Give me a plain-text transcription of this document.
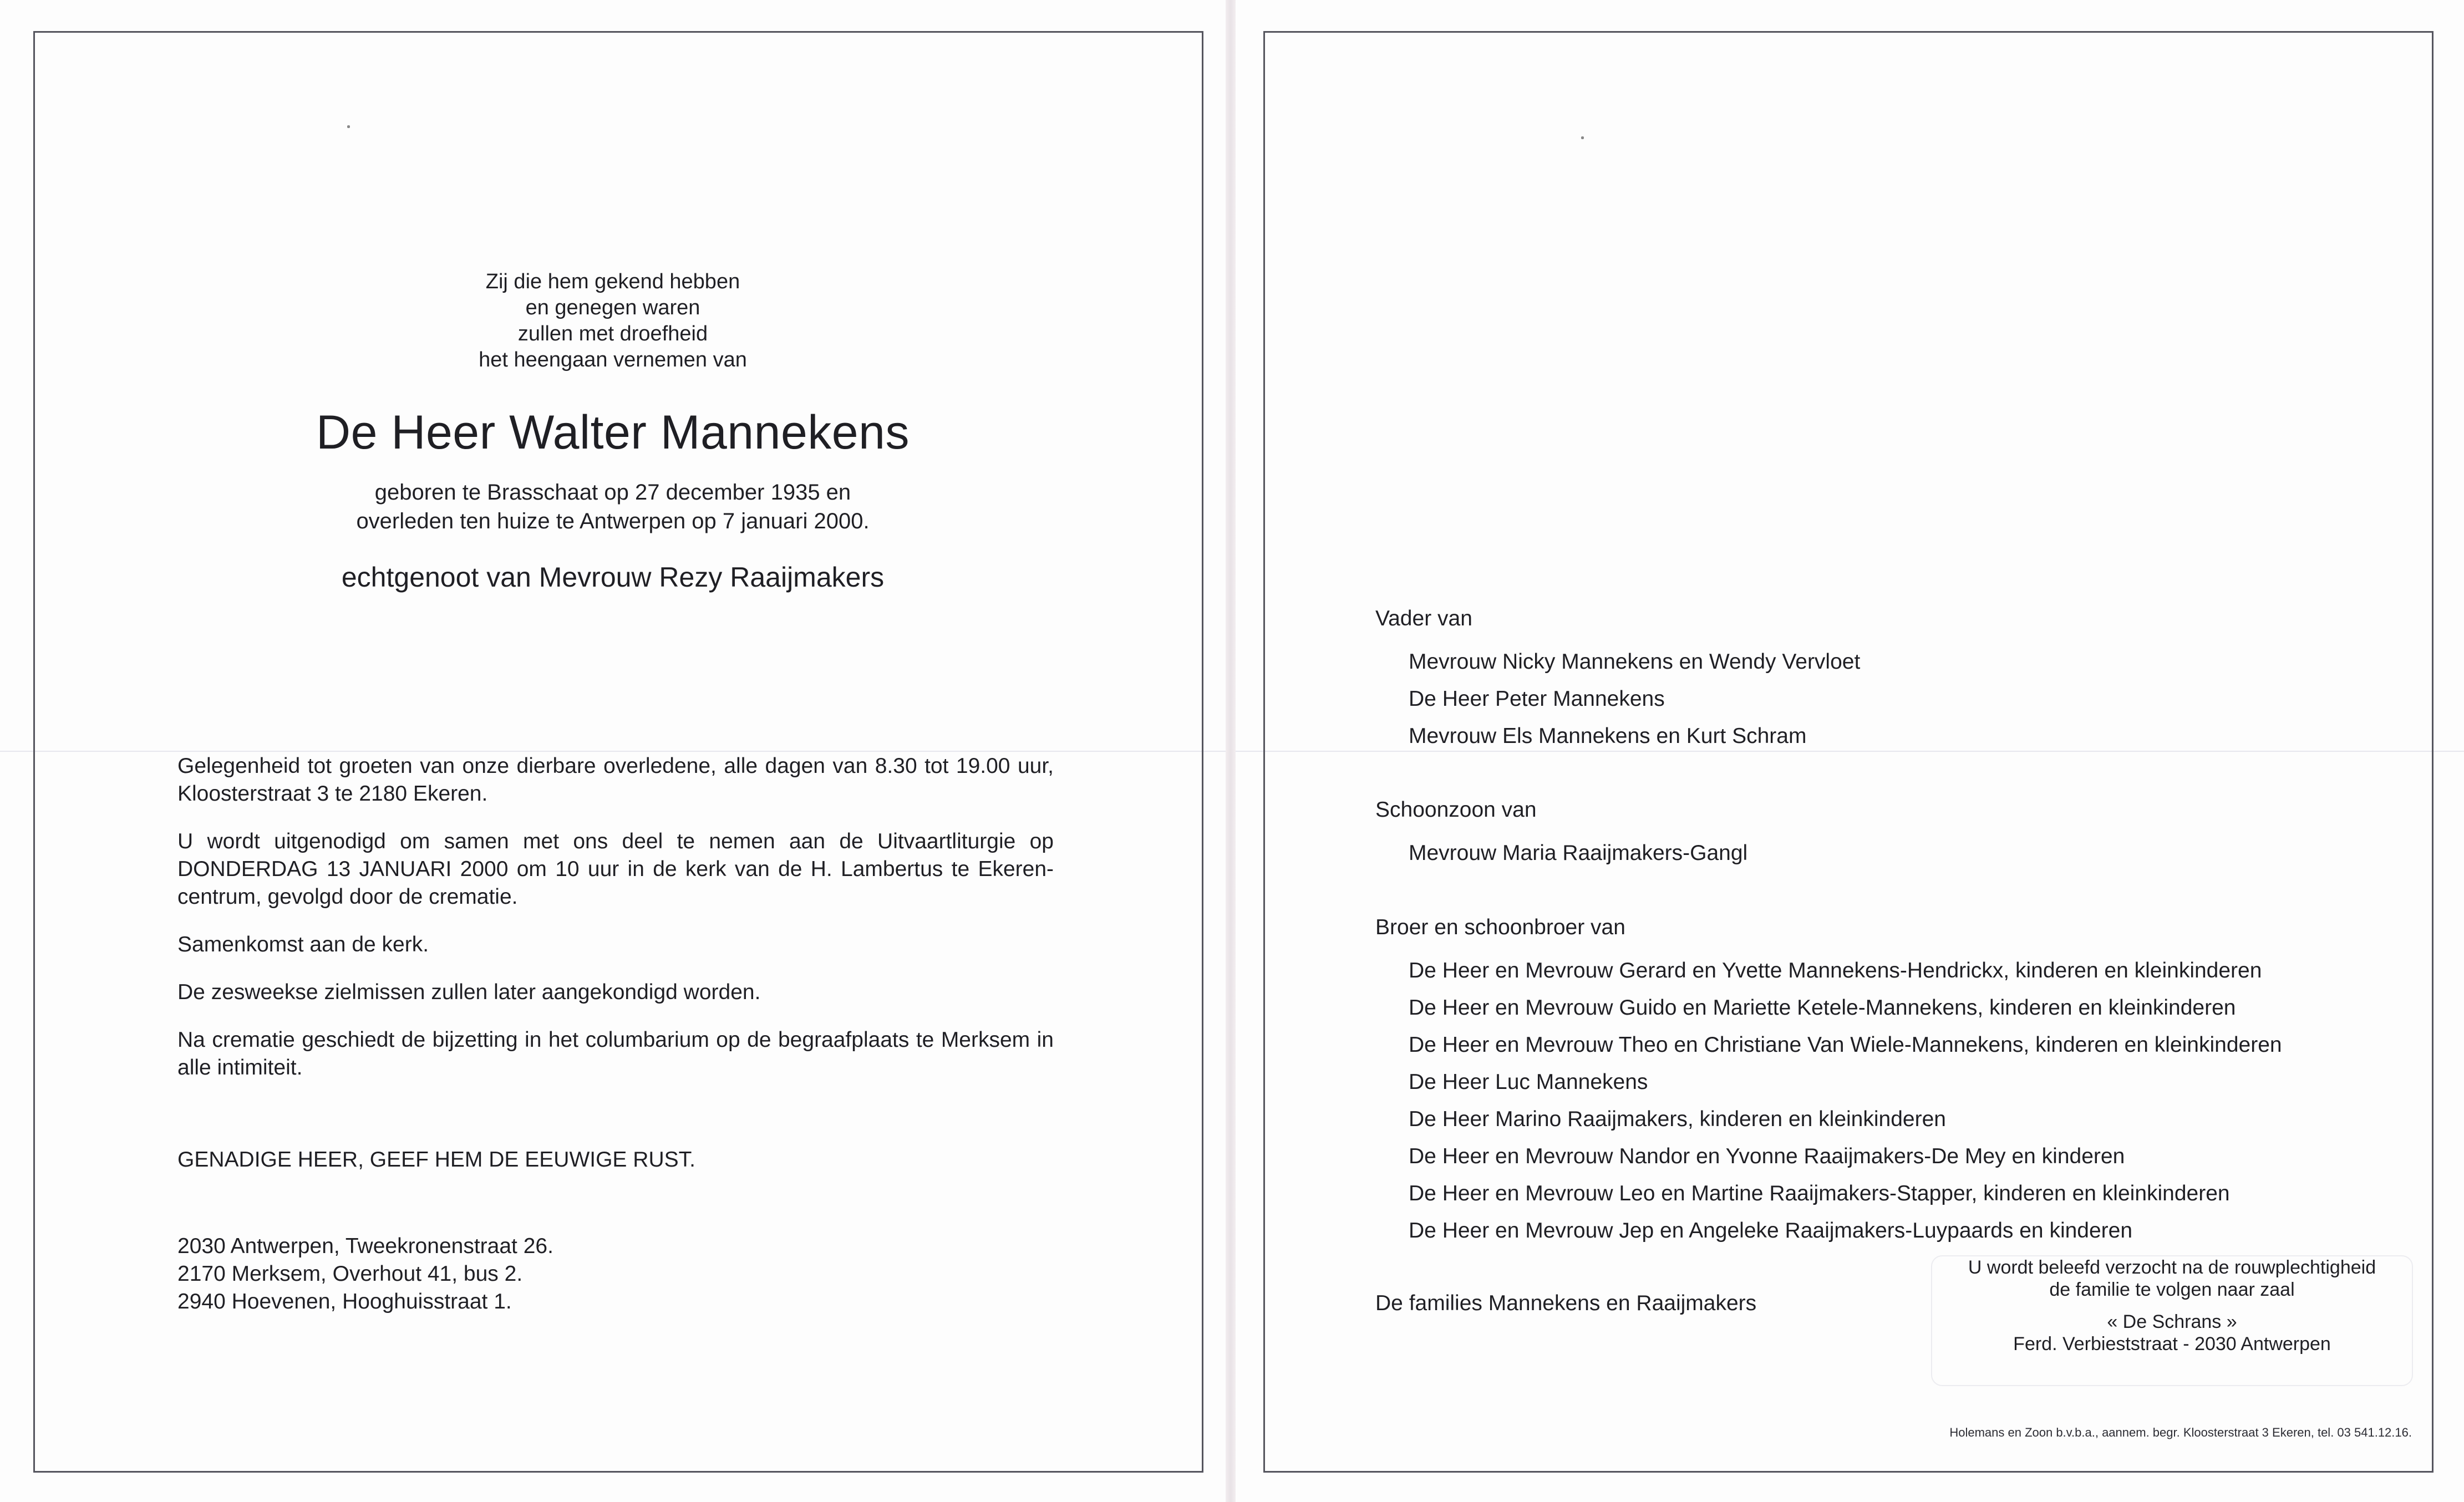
Zij die hem gekend hebben
en genegen waren
zullen met droefheid
het heengaan vernemen van
De Heer Walter Mannekens
geboren te Brasschaat op 27 december 1935 en
overleden ten huize te Antwerpen op 7 januari 2000.
echtgenoot van Mevrouw Rezy Raaijmakers

Gelegenheid tot groeten van onze dierbare overledene, alle dagen van 8.30 tot 19.00 uur, Kloosterstraat 3 te 2180 Ekeren.

U wordt uitgenodigd om samen met ons deel te nemen aan de Uitvaartliturgie op DONDERDAG 13 JANUARI 2000 om 10 uur in de kerk van de H. Lambertus te Ekeren-centrum, gevolgd door de crematie.

Samenkomst aan de kerk.

De zesweekse zielmissen zullen later aangekondigd worden.

Na crematie geschiedt de bijzetting in het columbarium op de begraafplaats te Merksem in alle intimiteit.

GENADIGE HEER, GEEF HEM DE EEUWIGE RUST.

2030 Antwerpen, Tweekronenstraat 26.

2170 Merksem, Overhout 41, bus 2.

2940 Hoevenen, Hooghuisstraat 1.

Vader van
Mevrouw Nicky Mannekens en Wendy Vervloet
De Heer Peter Mannekens
Mevrouw Els Mannekens en Kurt Schram
Schoonzoon van
Mevrouw Maria Raaijmakers-Gangl
Broer en schoonbroer van
De Heer en Mevrouw Gerard en Yvette Mannekens-Hendrickx, kinderen en kleinkinderen
De Heer en Mevrouw Guido en Mariette Ketele-Mannekens, kinderen en kleinkinderen
De Heer en Mevrouw Theo en Christiane Van Wiele-Mannekens, kinderen en kleinkinderen
De Heer Luc Mannekens
De Heer Marino Raaijmakers, kinderen en kleinkinderen
De Heer en Mevrouw Nandor en Yvonne Raaijmakers-De Mey en kinderen
De Heer en Mevrouw Leo en Martine Raaijmakers-Stapper, kinderen en kleinkinderen
De Heer en Mevrouw Jep en Angeleke Raaijmakers-Luypaards en kinderen
De families Mannekens en Raaijmakers
U wordt beleefd verzocht na de rouwplechtigheid
de familie te volgen naar zaal
« De Schrans »
Ferd. Verbieststraat - 2030 Antwerpen
Holemans en Zoon b.v.b.a., aannem. begr. Kloosterstraat 3 Ekeren, tel. 03 541.12.16.
